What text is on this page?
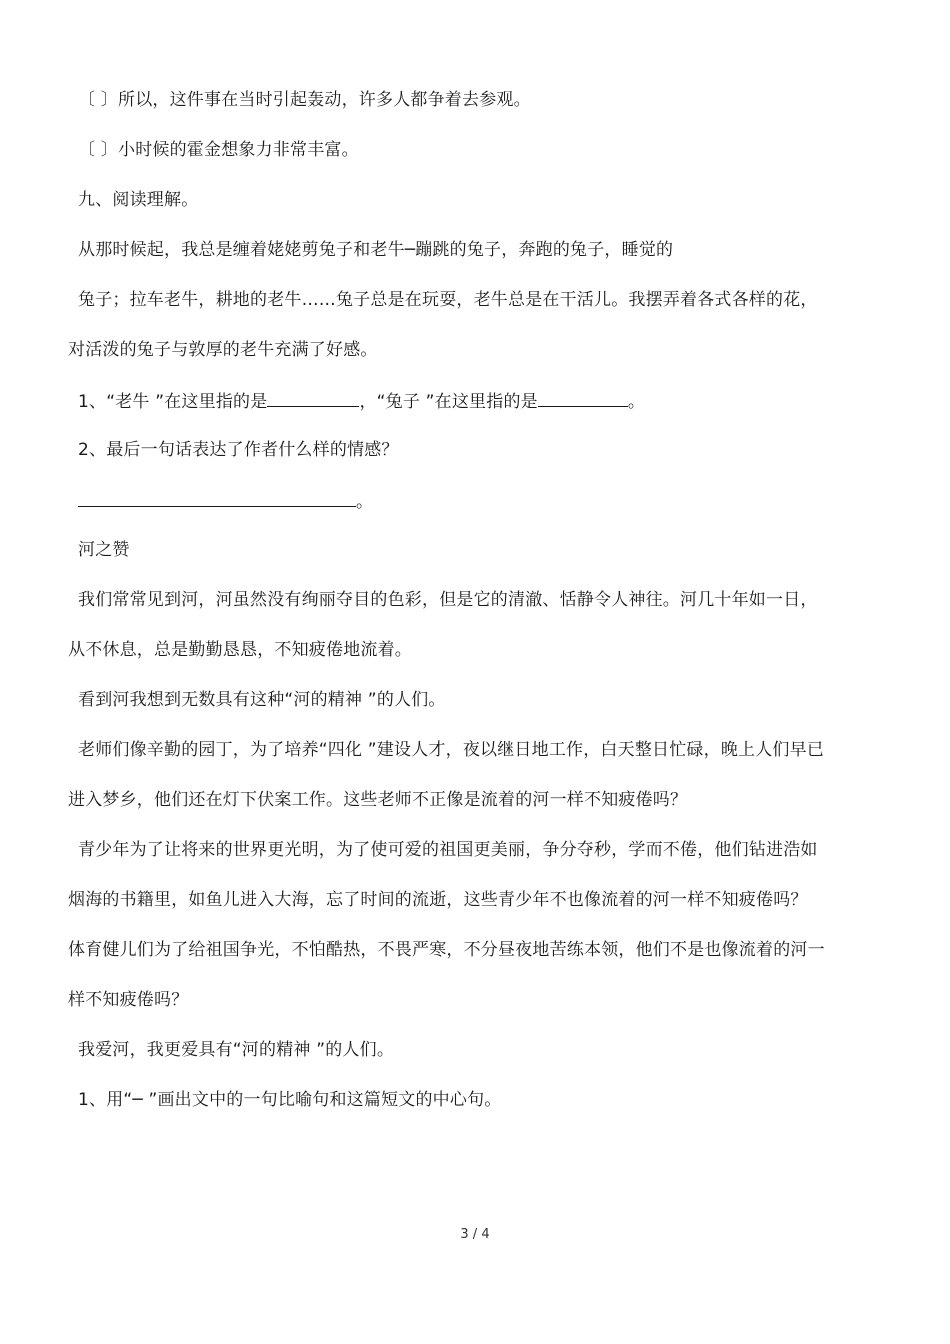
〔 〕所以，这件事在当时引起轰动，许多人都争着去参观。
〔 〕小时候的霍金想象力非常丰富。
九、阅读理解。
从那时候起，我总是缠着姥姥剪兔子和老牛─蹦跳的兔子，奔跑的兔子，睡觉的
兔子；拉车老牛，耕地的老牛……兔子总是在玩耍，老牛总是在干活儿。我摆弄着各式各样的花，
对活泼的兔子与敦厚的老牛充满了好感。
1、“老牛 ”在这里指的是	，“兔子 ”在这里指的是	。
2、最后一句话表达了作者什么样的情感？
。
河之赞
我们常常见到河，河虽然没有绚丽夺目的色彩，但是它的清澈、恬静令人神往。河几十年如一日，
从不休息，总是勤勤恳恳，不知疲倦地流着。
看到河我想到无数具有这种“河的精神 ”的人们。
老师们像辛勤的园丁，为了培养“四化 ”建设人才，夜以继日地工作，白天整日忙碌，晚上人们早已
进入梦乡，他们还在灯下伏案工作。这些老师不正像是流着的河一样不知疲倦吗？
青少年为了让将来的世界更光明，为了使可爱的祖国更美丽，争分夺秒，学而不倦，他们钻进浩如
烟海的书籍里，如鱼儿进入大海，忘了时间的流逝，这些青少年不也像流着的河一样不知疲倦吗？
体育健儿们为了给祖国争光，不怕酷热，不畏严寒，不分昼夜地苦练本领，他们不是也像流着的河一
样不知疲倦吗？
我爱河，我更爱具有“河的精神 ”的人们。
1、用“─ ”画出文中的一句比喻句和这篇短文的中心句。
3 / 4
